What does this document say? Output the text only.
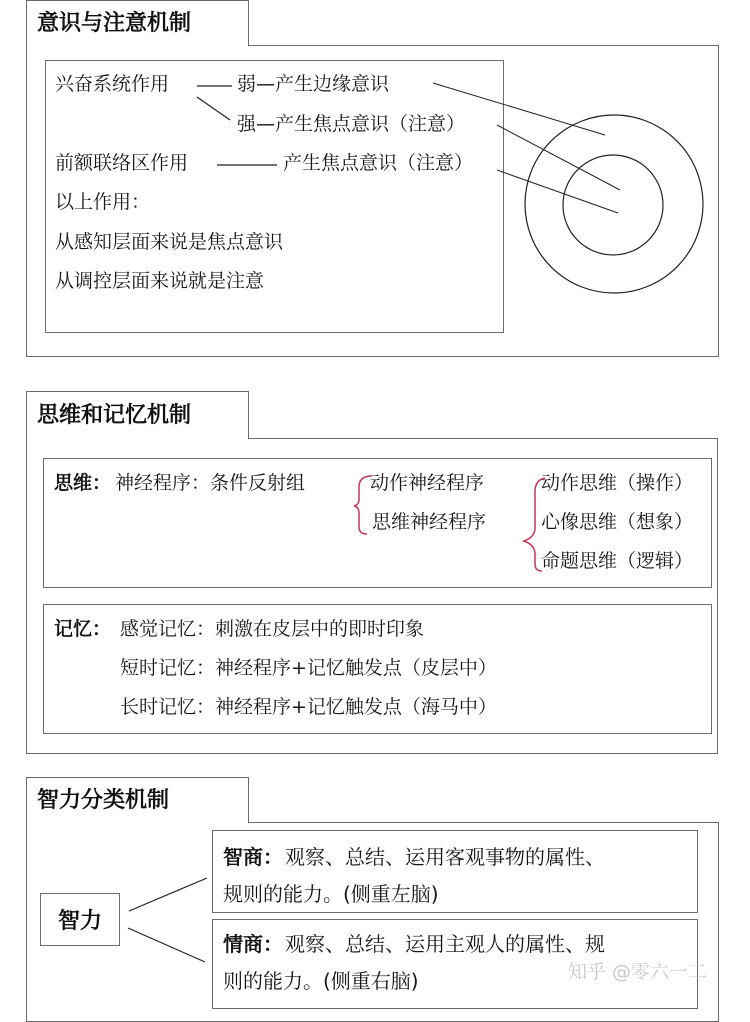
意识与注意机制
兴奋系统作用	弱—产生边缘意识
强—产生焦点意识（注意）
前额联络区作用	产生焦点意识（注意）
以上作用：
从感知层面来说是焦点意识
从调控层面来说就是注意
思维和记忆机制
思维： 神经程序：条件反射组	动作神经程序
思维神经程序
动作思维（操作）
心像思维（想象）
命题思维（逻辑）
记忆： 感觉记忆：刺激在皮层中的即时印象
短时记忆：神经程序+记忆触发点（皮层中）
长时记忆：神经程序+记忆触发点（海马中）
智力分类机制
智力
智商： 观察、总结、运用客观事物的属性、
规则的能力。(侧重左脑)
情商： 观察、总结、运用主观人的属性、规
则的能力。(侧重右脑)	知乎 @零六一二
